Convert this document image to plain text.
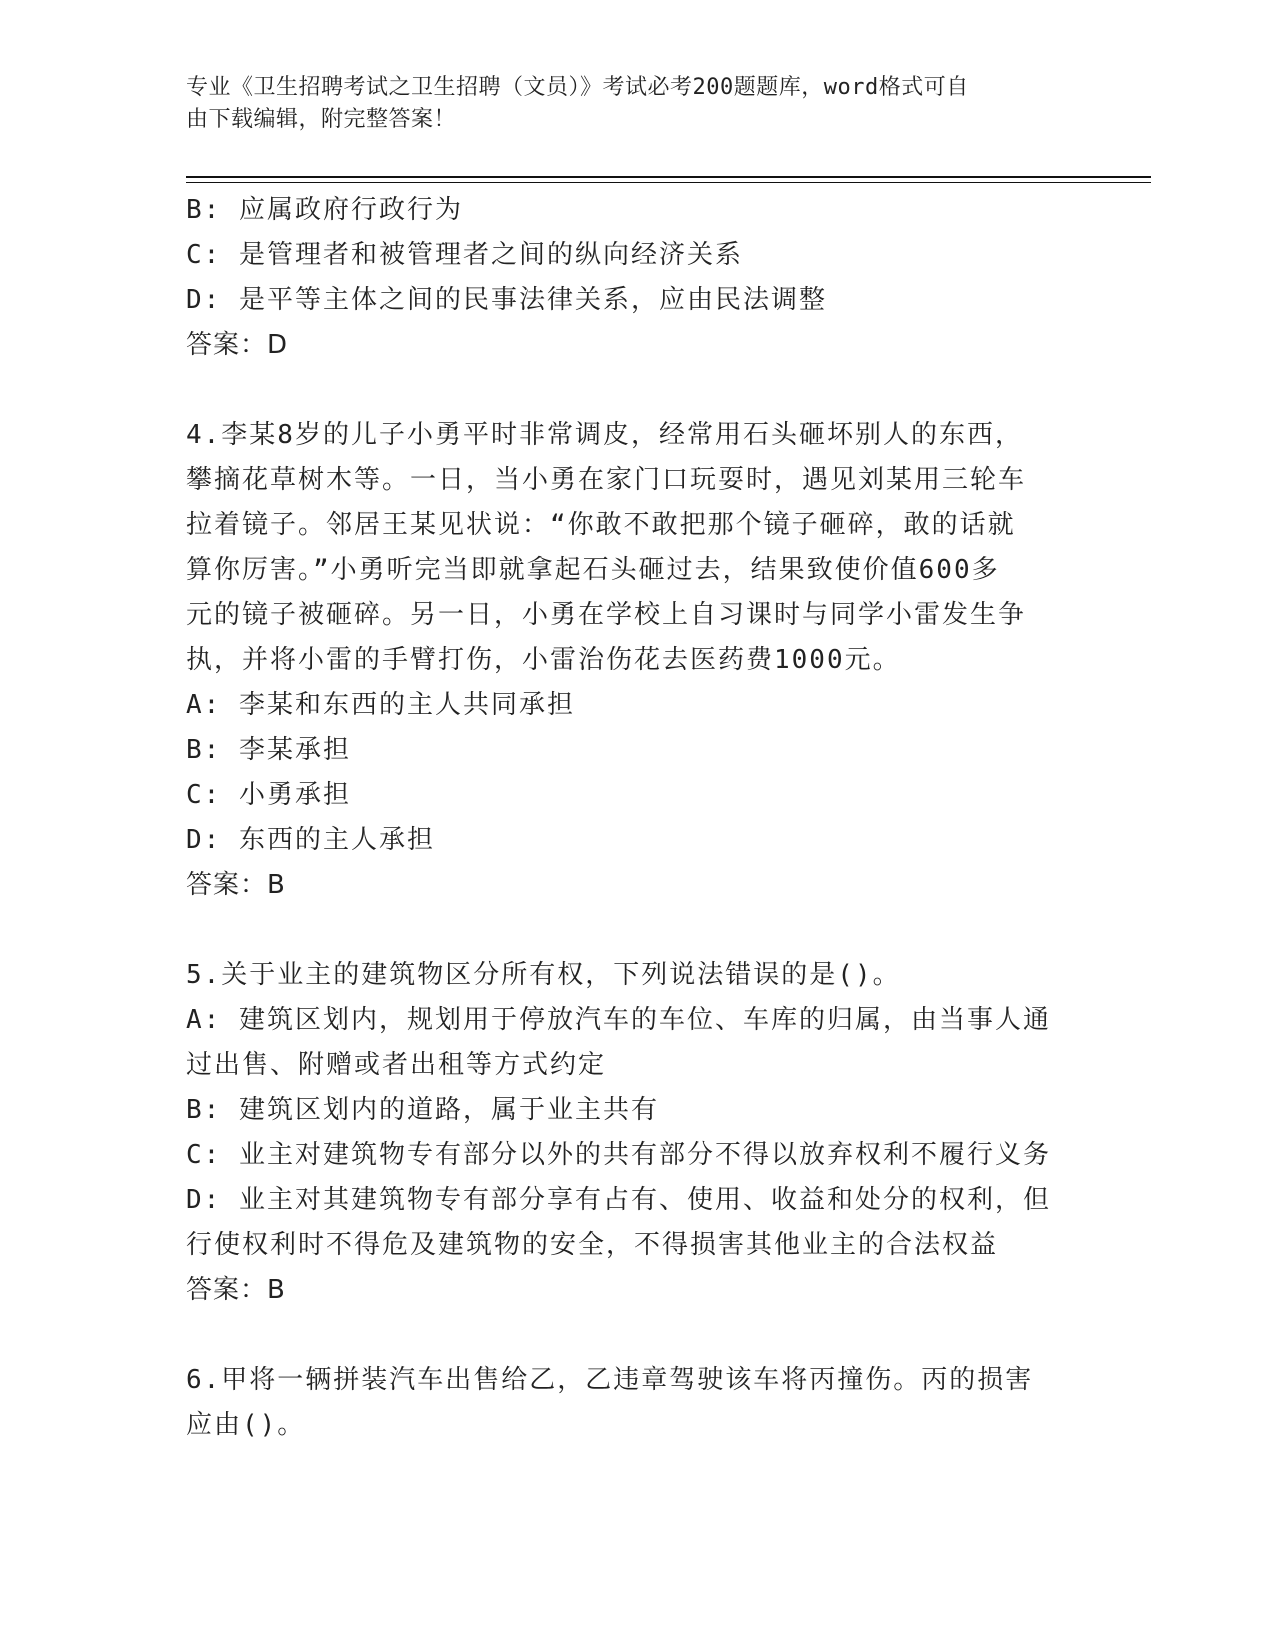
专业《卫生招聘考试之卫生招聘（文员）》考试必考200题题库，word格式可自
由下载编辑，附完整答案！
B: 应属政府行政行为
C: 是管理者和被管理者之间的纵向经济关系
D: 是平等主体之间的民事法律关系，应由民法调整
答案：D
4.李某8岁的儿子小勇平时非常调皮，经常用石头砸坏别人的东西，
攀摘花草树木等。一日，当小勇在家门口玩耍时，遇见刘某用三轮车
拉着镜子。邻居王某见状说：“你敢不敢把那个镜子砸碎，敢的话就
算你厉害。”小勇听完当即就拿起石头砸过去，结果致使价值600多
元的镜子被砸碎。另一日，小勇在学校上自习课时与同学小雷发生争
执，并将小雷的手臂打伤，小雷治伤花去医药费1000元。
A: 李某和东西的主人共同承担
B: 李某承担
C: 小勇承担
D: 东西的主人承担
答案：B
5.关于业主的建筑物区分所有权，下列说法错误的是()。
A: 建筑区划内，规划用于停放汽车的车位、车库的归属，由当事人通
过出售、附赠或者出租等方式约定
B: 建筑区划内的道路，属于业主共有
C: 业主对建筑物专有部分以外的共有部分不得以放弃权利不履行义务
D: 业主对其建筑物专有部分享有占有、使用、收益和处分的权利，但
行使权利时不得危及建筑物的安全，不得损害其他业主的合法权益
答案：B
6.甲将一辆拼装汽车出售给乙，乙违章驾驶该车将丙撞伤。丙的损害
应由()。
